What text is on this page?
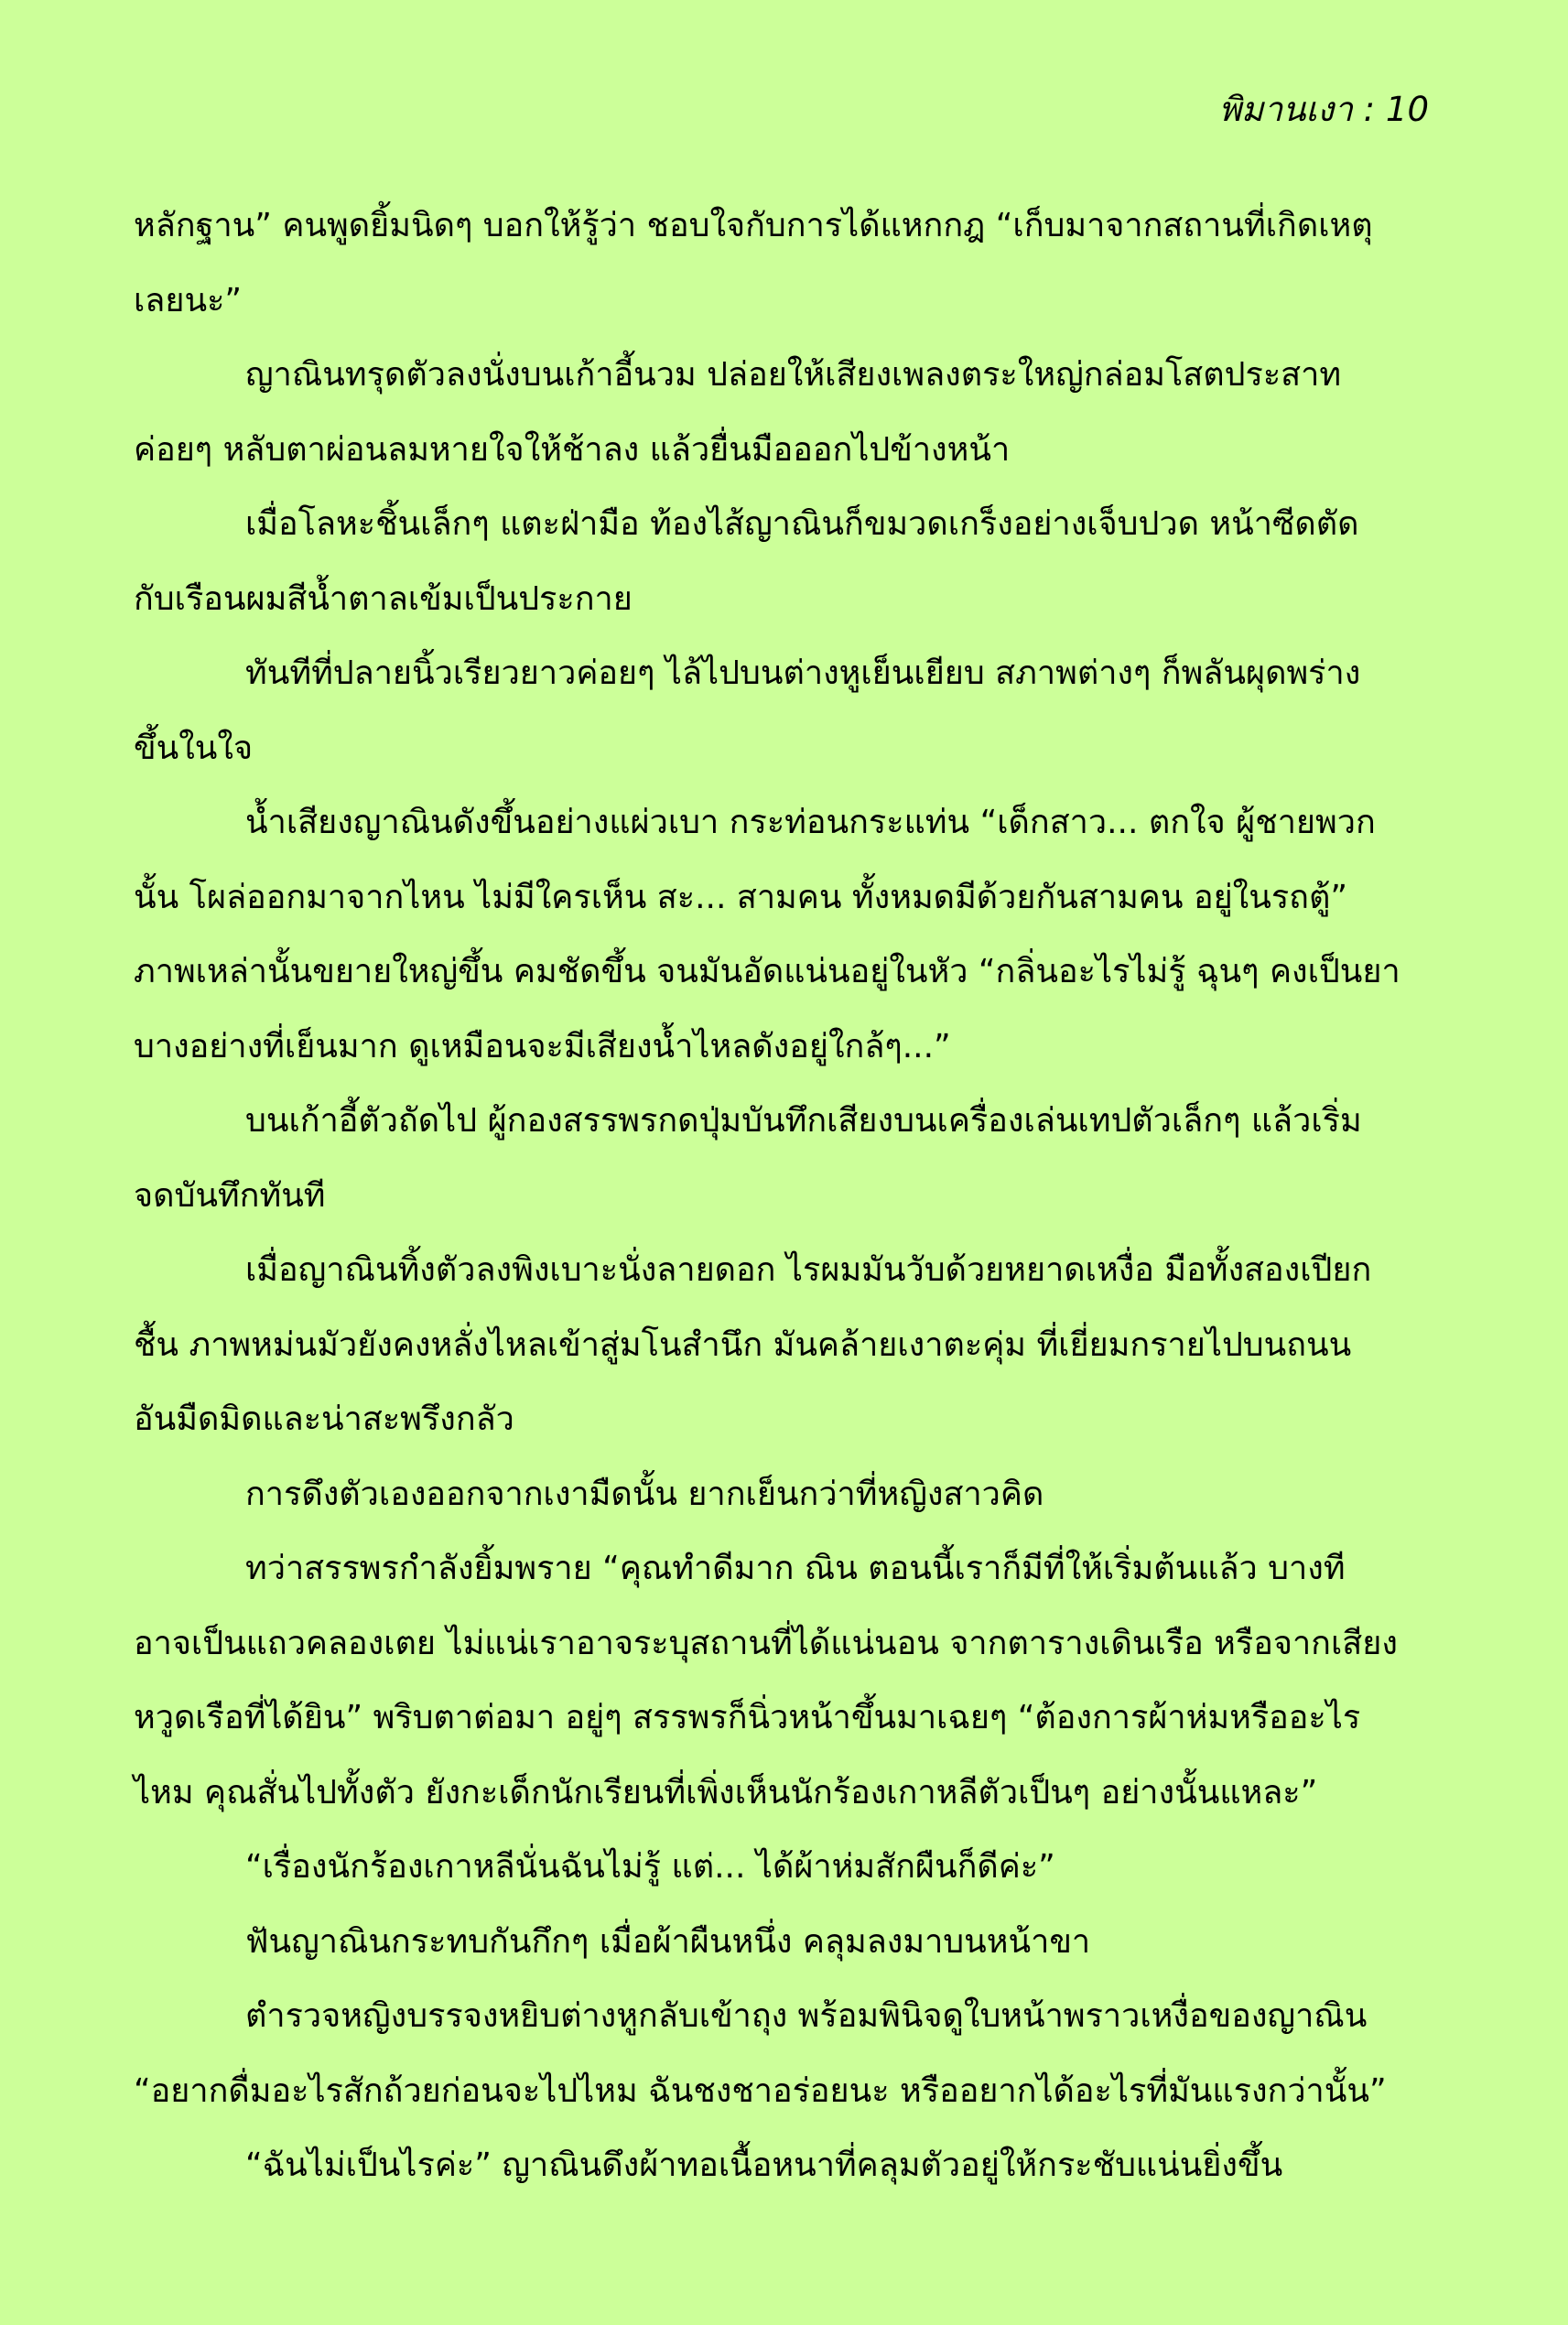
พิมานเงา : 10
หลักฐาน” คนพูดยิ้มนิดๆ บอกให้รู้ว่า ชอบใจกับการได้แหกกฎ “เก็บมาจากสถานที่เกิดเหตุ
เลยนะ”
ญาณินทรุดตัวลงนั่งบนเก้าอี้นวม ปล่อยให้เสียงเพลงตระใหญ่กล่อมโสตประสาท
ค่อยๆ หลับตาผ่อนลมหายใจให้ช้าลง แล้วยื่นมือออกไปข้างหน้า
เมื่อโลหะชิ้นเล็กๆ แตะฝ่ามือ ท้องไส้ญาณินก็ขมวดเกร็งอย่างเจ็บปวด หน้าซีดตัด
กับเรือนผมสีน้ำตาลเข้มเป็นประกาย
ทันทีที่ปลายนิ้วเรียวยาวค่อยๆ ไล้ไปบนต่างหูเย็นเยียบ สภาพต่างๆ ก็พลันผุดพร่าง
ขึ้นในใจ
น้ำเสียงญาณินดังขึ้นอย่างแผ่วเบา กระท่อนกระแท่น “เด็กสาว... ตกใจ ผู้ชายพวก
นั้น โผล่ออกมาจากไหน ไม่มีใครเห็น สะ... สามคน ทั้งหมดมีด้วยกันสามคน อยู่ในรถตู้”
ภาพเหล่านั้นขยายใหญ่ขึ้น คมชัดขึ้น จนมันอัดแน่นอยู่ในหัว “กลิ่นอะไรไม่รู้ ฉุนๆ คงเป็นยา
บางอย่างที่เย็นมาก ดูเหมือนจะมีเสียงน้ำไหลดังอยู่ใกล้ๆ...”
บนเก้าอี้ตัวถัดไป ผู้กองสรรพรกดปุ่มบันทึกเสียงบนเครื่องเล่นเทปตัวเล็กๆ แล้วเริ่ม
จดบันทึกทันที
เมื่อญาณินทิ้งตัวลงพิงเบาะนั่งลายดอก ไรผมมันวับด้วยหยาดเหงื่อ มือทั้งสองเปียก
ชื้น ภาพหม่นมัวยังคงหลั่งไหลเข้าสู่มโนสำนึก มันคล้ายเงาตะคุ่ม ที่เยี่ยมกรายไปบนถนน
อันมืดมิดและน่าสะพรึงกลัว
การดึงตัวเองออกจากเงามืดนั้น ยากเย็นกว่าที่หญิงสาวคิด
ทว่าสรรพรกำลังยิ้มพราย “คุณทำดีมาก ณิน ตอนนี้เราก็มีที่ให้เริ่มต้นแล้ว บางที
อาจเป็นแถวคลองเตย ไม่แน่เราอาจระบุสถานที่ได้แน่นอน จากตารางเดินเรือ หรือจากเสียง
หวูดเรือที่ได้ยิน” พริบตาต่อมา อยู่ๆ สรรพรก็นิ่วหน้าขึ้นมาเฉยๆ “ต้องการผ้าห่มหรืออะไร
ไหม คุณสั่นไปทั้งตัว ยังกะเด็กนักเรียนที่เพิ่งเห็นนักร้องเกาหลีตัวเป็นๆ อย่างนั้นแหละ”
“เรื่องนักร้องเกาหลีนั่นฉันไม่รู้ แต่... ได้ผ้าห่มสักผืนก็ดีค่ะ”
ฟันญาณินกระทบกันกึกๆ เมื่อผ้าผืนหนึ่ง คลุมลงมาบนหน้าขา
ตำรวจหญิงบรรจงหยิบต่างหูกลับเข้าถุง พร้อมพินิจดูใบหน้าพราวเหงื่อของญาณิน
“อยากดื่มอะไรสักถ้วยก่อนจะไปไหม ฉันชงชาอร่อยนะ หรืออยากได้อะไรที่มันแรงกว่านั้น”
“ฉันไม่เป็นไรค่ะ” ญาณินดึงผ้าทอเนื้อหนาที่คลุมตัวอยู่ให้กระชับแน่นยิ่งขึ้น
